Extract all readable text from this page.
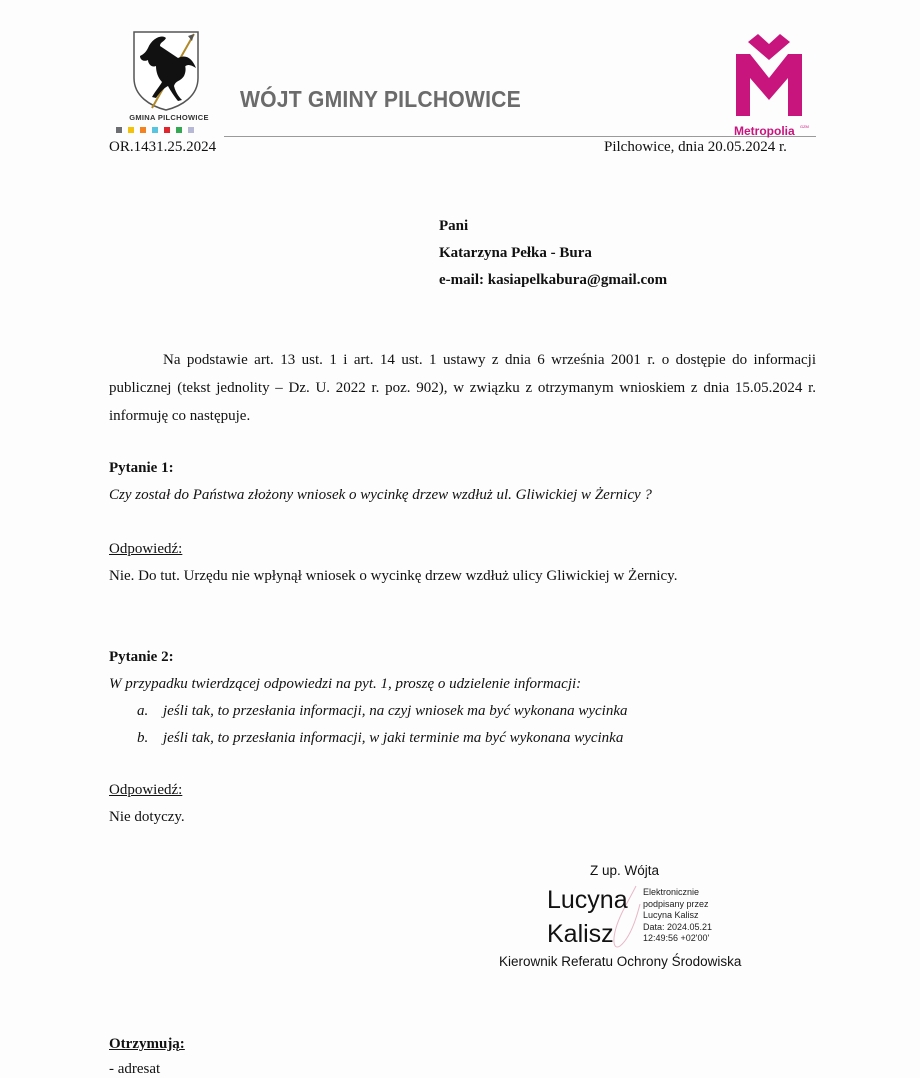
GMINA PILCHOWICE
WÓJT GMINY PILCHOWICE
Metropolia GZM
OR.1431.25.2024	Pilchowice, dnia 20.05.2024 r.
Pani
Katarzyna Pełka - Bura
e-mail: kasiapelkabura@gmail.com
Na podstawie art. 13 ust. 1 i art. 14 ust. 1 ustawy z dnia 6 września 2001 r. o dostępie do informacji
publicznej (tekst jednolity – Dz. U. 2022 r. poz. 902), w związku z otrzymanym wnioskiem z dnia 15.05.2024 r.
informuję co następuje.
Pytanie 1:
Czy został do Państwa złożony wniosek o wycinkę drzew wzdłuż ul. Gliwickiej w Żernicy ?
Odpowiedź:
Nie. Do tut. Urzędu nie wpłynął wniosek o wycinkę drzew wzdłuż ulicy Gliwickiej w Żernicy.
Pytanie 2:
W przypadku twierdzącej odpowiedzi na pyt. 1, proszę o udzielenie informacji:
a. jeśli tak, to przesłania informacji, na czyj wniosek ma być wykonana wycinka
b. jeśli tak, to przesłania informacji, w jaki terminie ma być wykonana wycinka
Odpowiedź:
Nie dotyczy.
Z up. Wójta
Lucyna
Kalisz
Elektronicznie
podpisany przez
Lucyna Kalisz
Data: 2024.05.21
12:49:56 +02'00'
Kierownik Referatu Ochrony Środowiska
Otrzymują:
- adresat
